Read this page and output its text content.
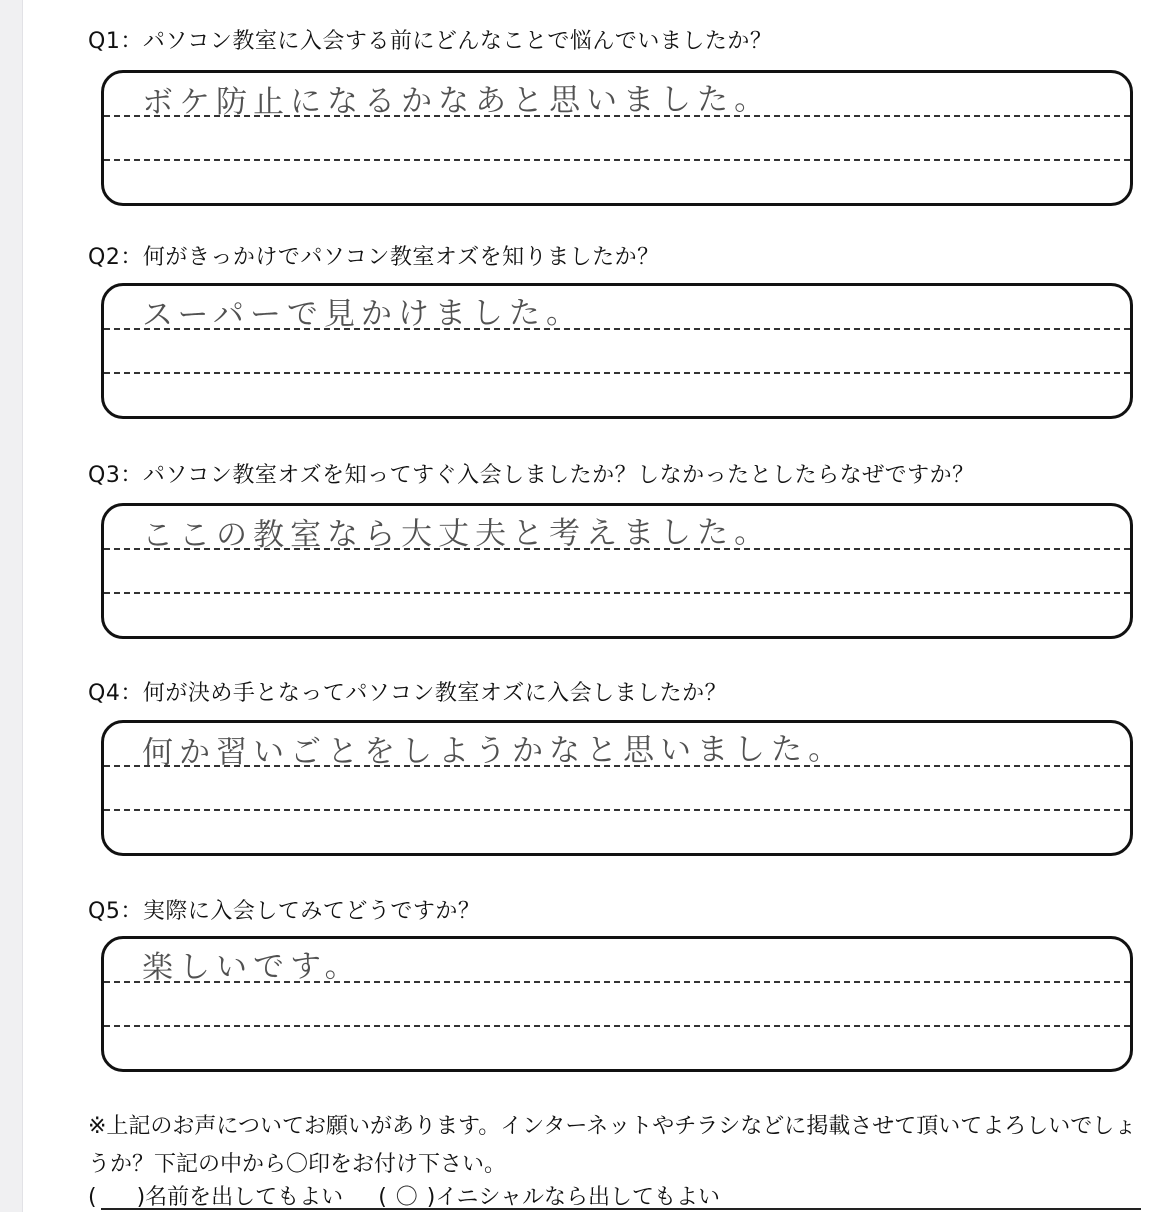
Q1：パソコン教室に入会する前にどんなことで悩んでいましたか？
ボケ防止になるかなあと思いました。
Q2：何がきっかけでパソコン教室オズを知りましたか？
スーパーで見かけました。
Q3：パソコン教室オズを知ってすぐ入会しましたか？しなかったとしたらなぜですか？
ここの教室なら大丈夫と考えました。
Q4：何が決め手となってパソコン教室オズに入会しましたか？
何か習いごとをしようかなと思いました。
Q5：実際に入会してみてどうですか？
楽しいです。
※上記のお声についてお願いがあります。インターネットやチラシなどに掲載させて頂いてよろしいでしょうか？下記の中から〇印をお付け下さい。
( )名前を出してもよい ( 〇 )イニシャルなら出してもよい
